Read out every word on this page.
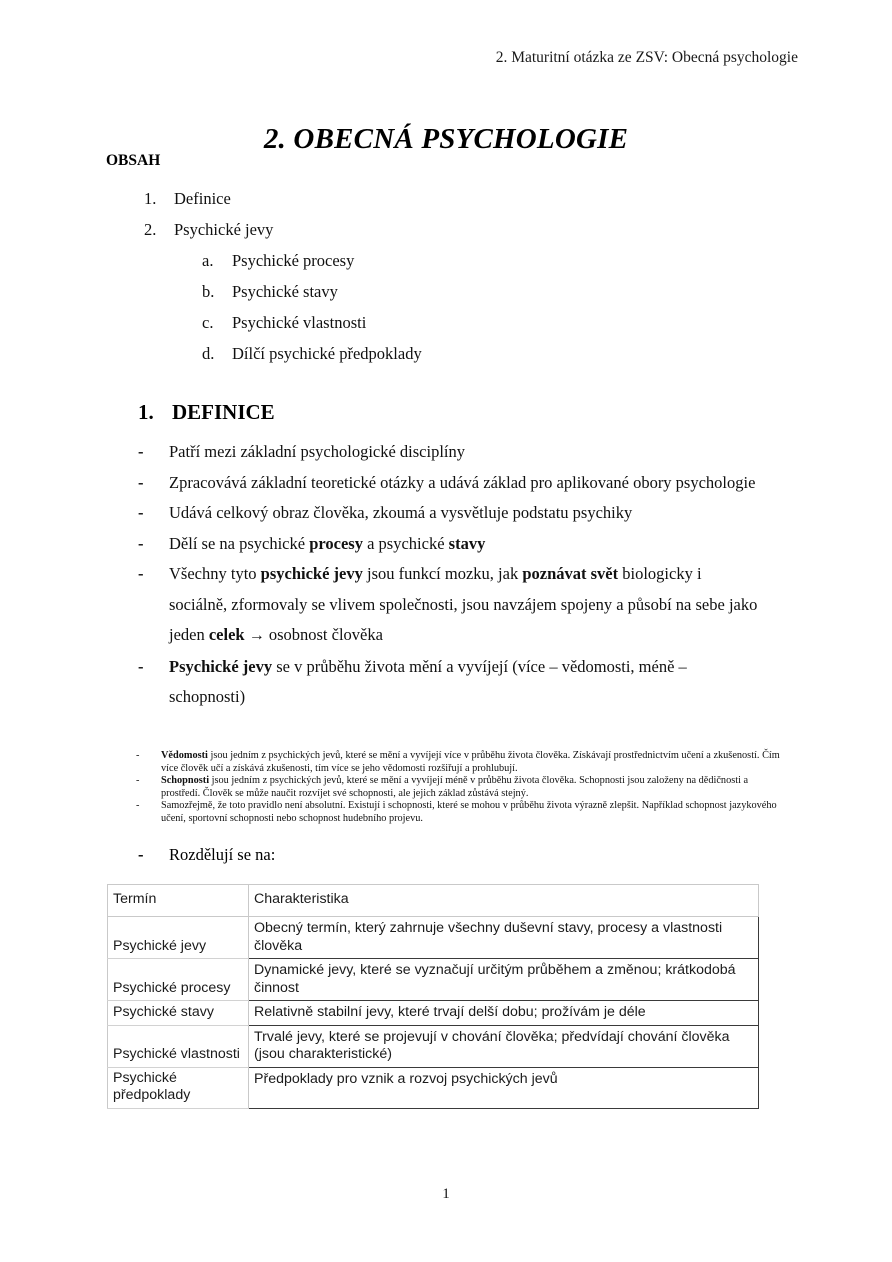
2. Maturitní otázka ze ZSV: Obecná psychologie
2. OBECNÁ PSYCHOLOGIE
OBSAH
1.	Definice
2.	Psychické jevy
a.	Psychické procesy
b.	Psychické stavy
c.	Psychické vlastnosti
d.	Dílčí psychické předpoklady
1. DEFINICE
-	Patří mezi základní psychologické disciplíny
-	Zpracovává základní teoretické otázky a udává základ pro aplikované obory psychologie
-	Udává celkový obraz člověka, zkoumá a vysvětluje podstatu psychiky
-	Dělí se na psychické procesy a psychické stavy
-	Všechny tyto psychické jevy jsou funkcí mozku, jak poznávat svět biologicky i sociálně, zformovaly se vlivem společnosti, jsou navzájem spojeny a působí na sebe jako jeden celek → osobnost člověka
-	Psychické jevy se v průběhu života mění a vyvíjejí (více – vědomosti, méně – schopnosti)
-	Vědomosti jsou jedním z psychických jevů, které se mění a vyvíjejí více v průběhu života člověka. Získávají prostřednictvím učení a zkušeností. Čím více člověk učí a získává zkušenosti, tím více se jeho vědomosti rozšiřují a prohlubují.
-	Schopnosti jsou jedním z psychických jevů, které se mění a vyvíjejí méně v průběhu života člověka. Schopnosti jsou založeny na dědičnosti a prostředí. Člověk se může naučit rozvíjet své schopnosti, ale jejich základ zůstává stejný.
-	Samozřejmě, že toto pravidlo není absolutní. Existují i schopnosti, které se mohou v průběhu života výrazně zlepšit. Například schopnost jazykového učení, sportovní schopnosti nebo schopnost hudebního projevu.
-	Rozdělují se na:
Termín	Charakteristika
Psychické jevy	Obecný termín, který zahrnuje všechny duševní stavy, procesy a vlastnosti člověka
Psychické procesy	Dynamické jevy, které se vyznačují určitým průběhem a změnou; krátkodobá činnost
Psychické stavy	Relativně stabilní jevy, které trvají delší dobu; prožívám je déle
Psychické vlastnosti	Trvalé jevy, které se projevují v chování člověka; předvídají chování člověka (jsou charakteristické)
Psychické předpoklady	Předpoklady pro vznik a rozvoj psychických jevů
1
